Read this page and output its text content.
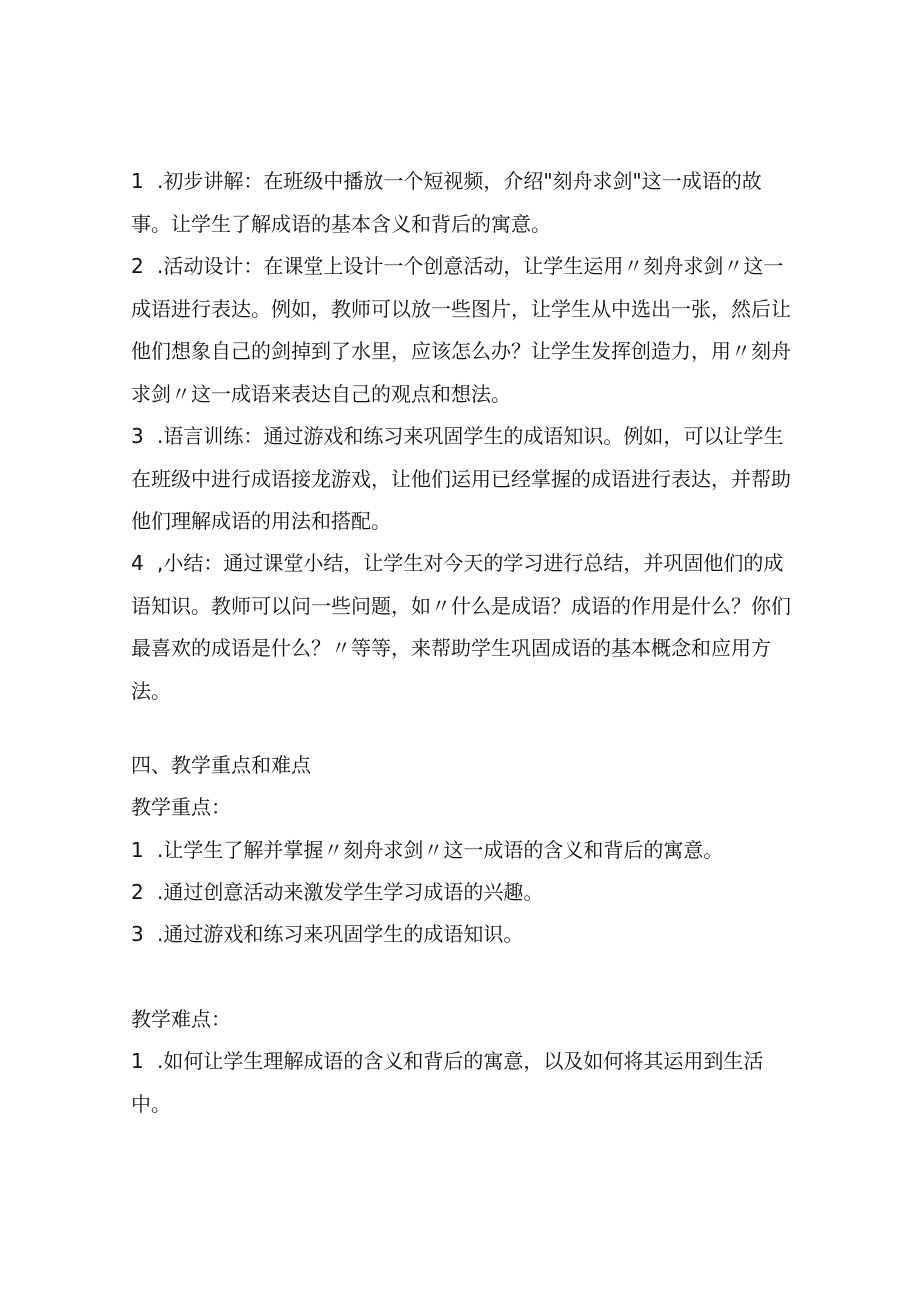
1 .初步讲解：在班级中播放一个短视频，介绍"刻舟求剑"这一成语的故事。让学生了解成语的基本含义和背后的寓意。

2 .活动设计：在课堂上设计一个创意活动，让学生运用〃刻舟求剑〃这一成语进行表达。例如，教师可以放一些图片，让学生从中选出一张，然后让他们想象自己的剑掉到了水里，应该怎么办？让学生发挥创造力，用〃刻舟求剑〃这一成语来表达自己的观点和想法。

3 .语言训练：通过游戏和练习来巩固学生的成语知识。例如，可以让学生在班级中进行成语接龙游戏，让他们运用已经掌握的成语进行表达，并帮助他们理解成语的用法和搭配。

4 ,小结：通过课堂小结，让学生对今天的学习进行总结，并巩固他们的成语知识。教师可以问一些问题，如〃什么是成语？成语的作用是什么？你们最喜欢的成语是什么？〃等等，来帮助学生巩固成语的基本概念和应用方法。

四、教学重点和难点

教学重点：

1 .让学生了解并掌握〃刻舟求剑〃这一成语的含义和背后的寓意。

2 .通过创意活动来激发学生学习成语的兴趣。

3 .通过游戏和练习来巩固学生的成语知识。

教学难点：

1 .如何让学生理解成语的含义和背后的寓意，以及如何将其运用到生活中。
